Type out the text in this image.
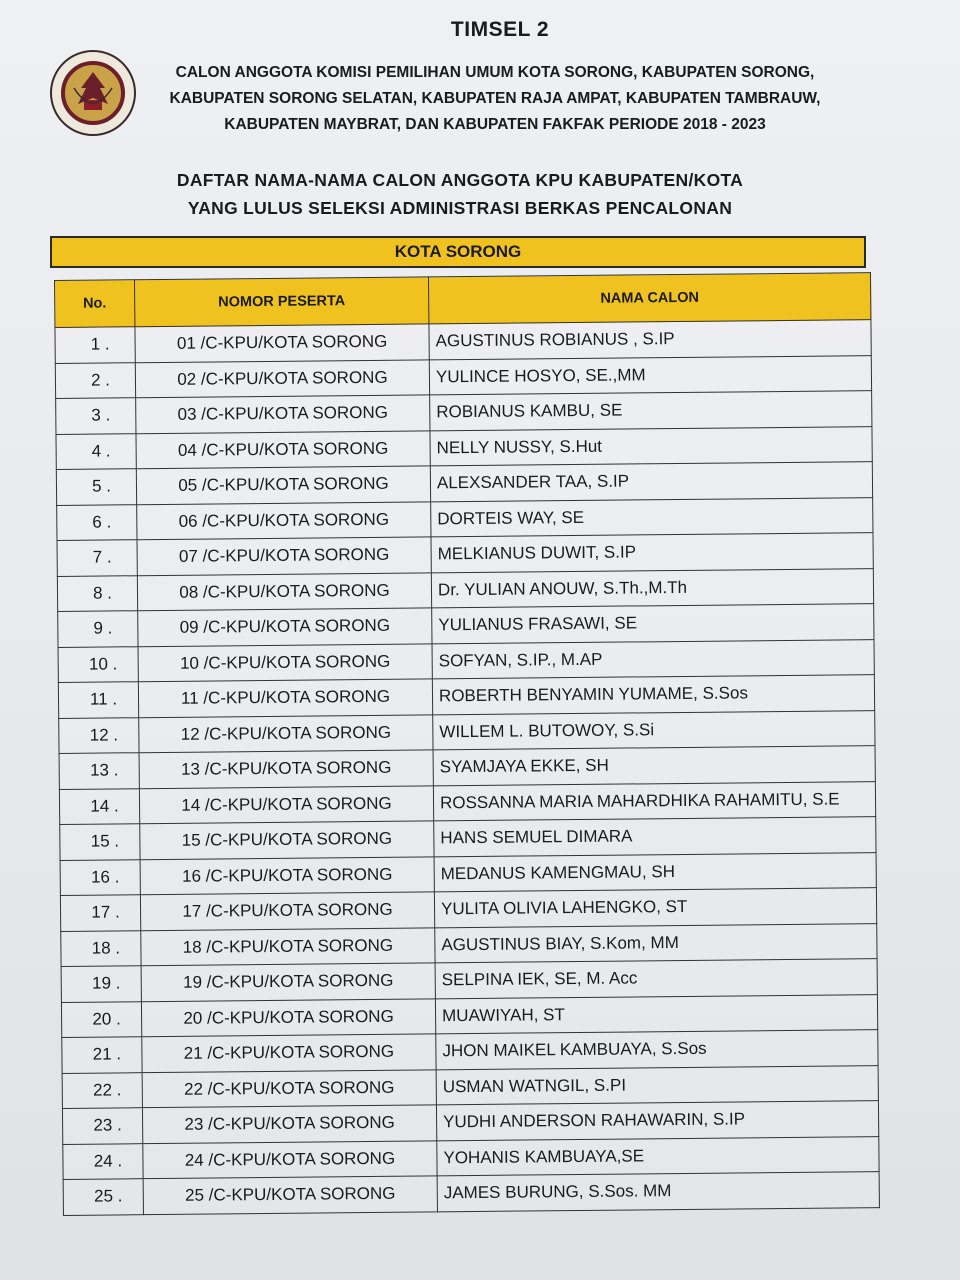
TIMSEL 2
CALON ANGGOTA KOMISI PEMILIHAN UMUM KOTA SORONG, KABUPATEN SORONG,
KABUPATEN SORONG SELATAN, KABUPATEN RAJA AMPAT, KABUPATEN TAMBRAUW,
KABUPATEN MAYBRAT, DAN KABUPATEN FAKFAK PERIODE 2018 - 2023
DAFTAR NAMA-NAMA CALON ANGGOTA KPU KABUPATEN/KOTA
YANG LULUS SELEKSI ADMINISTRASI BERKAS PENCALONAN
KOTA SORONG
No.	NOMOR PESERTA	NAMA CALON
1 .	01 /C-KPU/KOTA SORONG	AGUSTINUS ROBIANUS , S.IP
2 .	02 /C-KPU/KOTA SORONG	YULINCE HOSYO, SE.,MM
3 .	03 /C-KPU/KOTA SORONG	ROBIANUS KAMBU, SE
4 .	04 /C-KPU/KOTA SORONG	NELLY NUSSY, S.Hut
5 .	05 /C-KPU/KOTA SORONG	ALEXSANDER TAA, S.IP
6 .	06 /C-KPU/KOTA SORONG	DORTEIS WAY, SE
7 .	07 /C-KPU/KOTA SORONG	MELKIANUS DUWIT, S.IP
8 .	08 /C-KPU/KOTA SORONG	Dr. YULIAN ANOUW, S.Th.,M.Th
9 .	09 /C-KPU/KOTA SORONG	YULIANUS FRASAWI, SE
10 .	10 /C-KPU/KOTA SORONG	SOFYAN, S.IP., M.AP
11 .	11 /C-KPU/KOTA SORONG	ROBERTH BENYAMIN YUMAME, S.Sos
12 .	12 /C-KPU/KOTA SORONG	WILLEM L. BUTOWOY, S.Si
13 .	13 /C-KPU/KOTA SORONG	SYAMJAYA EKKE, SH
14 .	14 /C-KPU/KOTA SORONG	ROSSANNA MARIA MAHARDHIKA RAHAMITU, S.E
15 .	15 /C-KPU/KOTA SORONG	HANS SEMUEL DIMARA
16 .	16 /C-KPU/KOTA SORONG	MEDANUS KAMENGMAU, SH
17 .	17 /C-KPU/KOTA SORONG	YULITA OLIVIA LAHENGKO, ST
18 .	18 /C-KPU/KOTA SORONG	AGUSTINUS BIAY, S.Kom, MM
19 .	19 /C-KPU/KOTA SORONG	SELPINA IEK, SE, M. Acc
20 .	20 /C-KPU/KOTA SORONG	MUAWIYAH, ST
21 .	21 /C-KPU/KOTA SORONG	JHON MAIKEL KAMBUAYA, S.Sos
22 .	22 /C-KPU/KOTA SORONG	USMAN WATNGIL, S.PI
23 .	23 /C-KPU/KOTA SORONG	YUDHI ANDERSON RAHAWARIN, S.IP
24 .	24 /C-KPU/KOTA SORONG	YOHANIS KAMBUAYA,SE
25 .	25 /C-KPU/KOTA SORONG	JAMES BURUNG, S.Sos. MM
